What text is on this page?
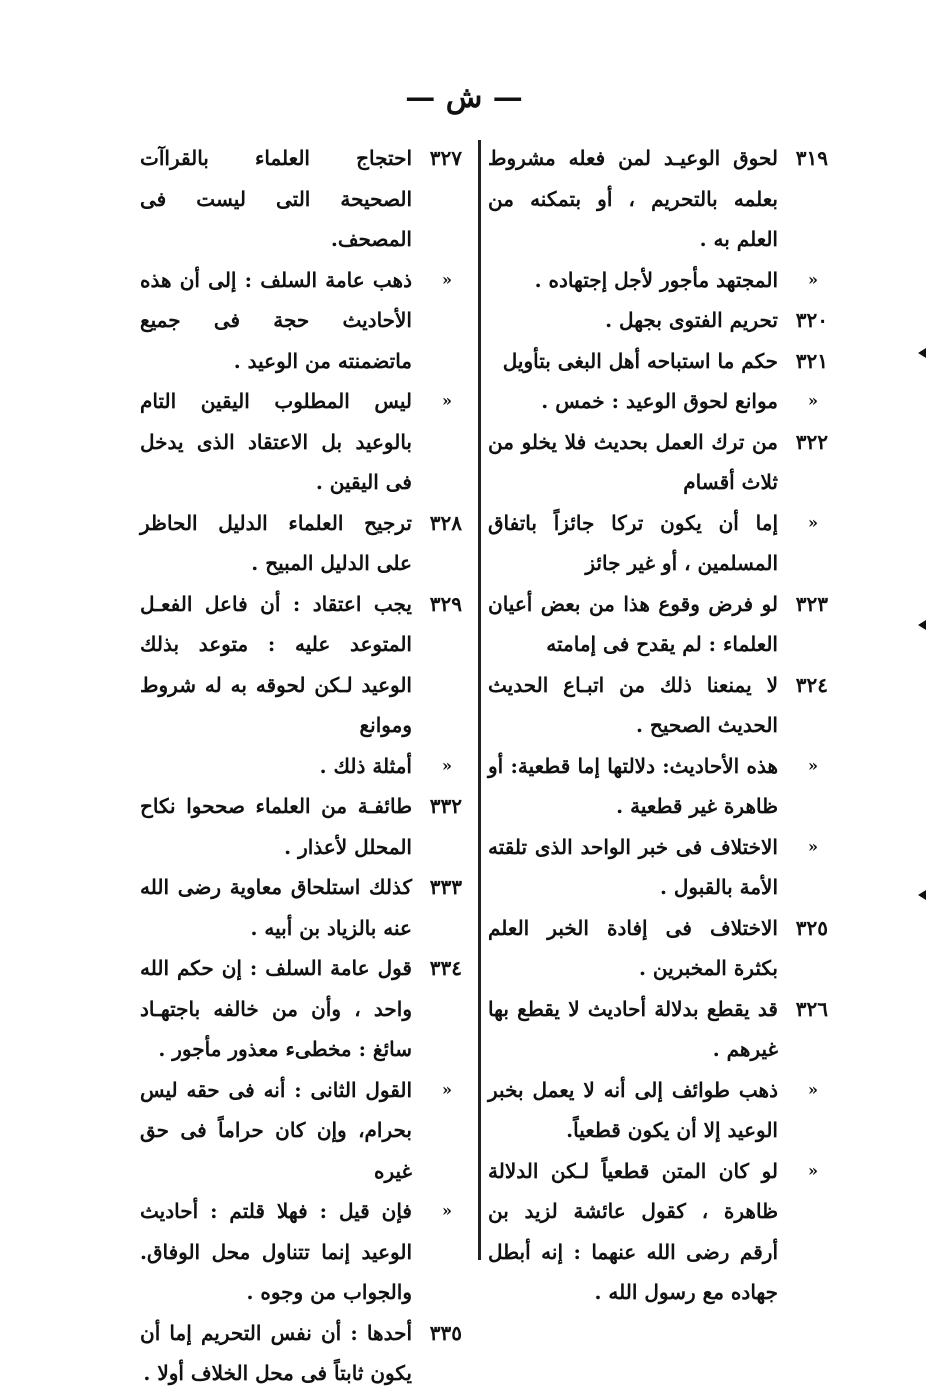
— ش —
٣١٩
لحوق الوعيـد لمن فعله مشروط بعلمه بالتحريم ، أو بتمكنه من العلم به .
«
المجتهد مأجور لأجل إجتهاده .
٣٢٠
تحريم الفتوى بجهل .
٣٢١
حكم ما استباحه أهل البغى بتأويل
«
موانع لحوق الوعيد : خمس .
٣٢٢
من ترك العمل بحديث فلا يخلو من ثلاث أقسام
«
إما أن يكون تركا جائزاً باتفاق المسلمين ، أو غير جائز
٣٢٣
لو فرض وقوع هذا من بعض أعيان العلماء : لم يقدح فى إمامته
٣٢٤
لا يمنعنا ذلك من اتبـاع الحديث الحديث الصحيح .
«
هذه الأحاديث: دلالتها إما قطعية: أو ظاهرة غير قطعية .
«
الاختلاف فى خبر الواحد الذى تلقته الأمة بالقبول .
٣٢٥
الاختلاف فى إفادة الخبر العلم بكثرة المخبرين .
٣٢٦
قد يقطع بدلالة أحاديث لا يقطع بها غيرهم .
«
ذهب طوائف إلى أنه لا يعمل بخبر الوعيد إلا أن يكون قطعياً.
«
لو كان المتن قطعياً لـكن الدلالة ظاهرة ، كقول عائشة لزيد بن أرقم رضى الله عنهما : إنه أبطل جهاده مع رسول الله .
٣٢٧
احتجاج العلماء بالقراآت الصحيحة التى ليست فى المصحف.
«
ذهب عامة السلف : إلى أن هذه الأحاديث حجة فى جميع ماتضمنته من الوعيد .
«
ليس المطلوب اليقين التام بالوعيد بل الاعتقاد الذى يدخل فى اليقين .
٣٢٨
ترجيح العلماء الدليل الحاظر على الدليل المبيح .
٣٢٩
يجب اعتقاد : أن فاعل الفعـل المتوعد عليه : متوعد بذلك الوعيد لـكن لحوقه به له شروط وموانع
«
أمثلة ذلك .
٣٣٢
طائفـة من العلماء صححوا نكاح المحلل لأعذار .
٣٣٣
كذلك استلحاق معاوية رضى الله عنه بالزياد بن أبيه .
٣٣٤
قول عامة السلف : إن حكم الله واحد ، وأن من خالفه باجتهـاد سائغ : مخطىء معذور مأجور .
«
القول الثانى : أنه فى حقه ليس بحرام، وإن كان حراماً فى حق غيره
«
فإن قيل : فهلا قلتم : أحاديث الوعيد إنما تتناول محل الوفاق. والجواب من وجوه .
٣٣٥
أحدها : أن نفس التحريم إما أن يكون ثابتاً فى محل الخلاف أولا .
